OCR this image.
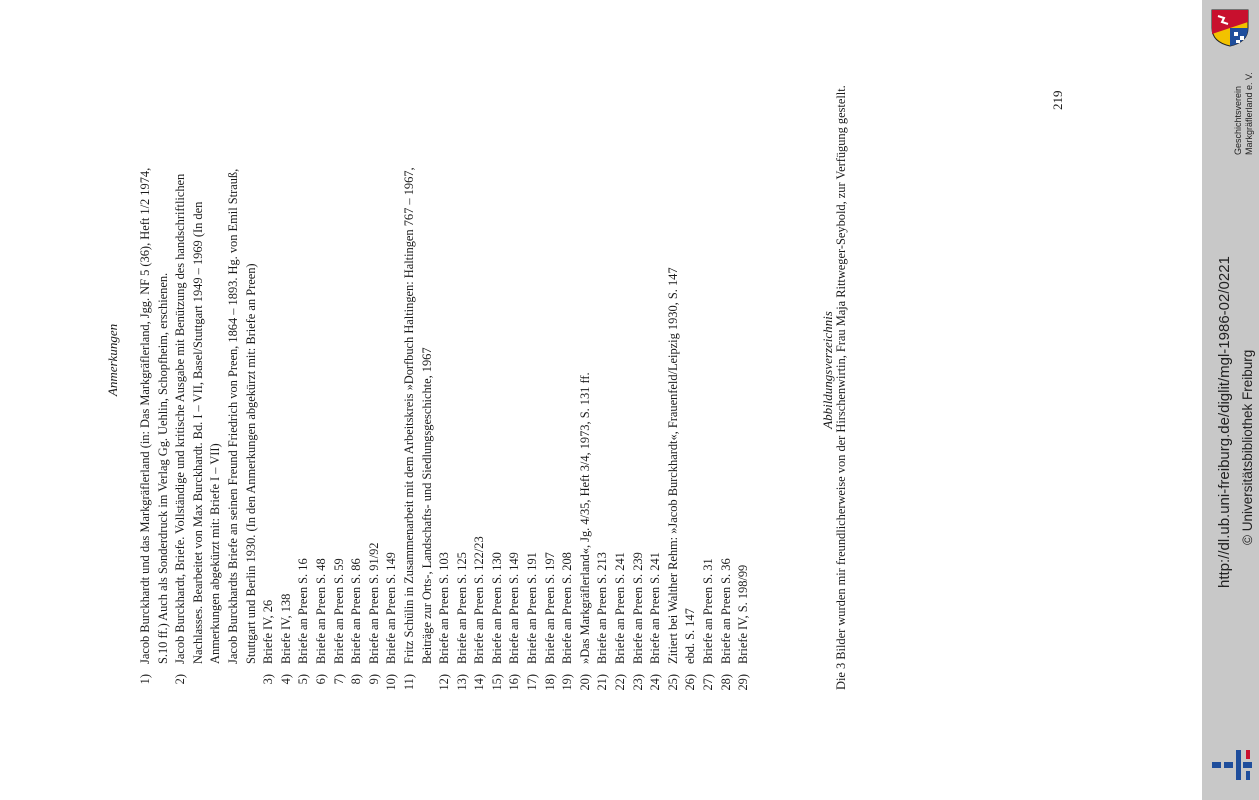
Anmerkungen
1)
Jacob Burckhardt und das Markgräflerland (in: Das Markgräflerland, Jgg. NF 5 (36), Heft 1/2 1974, S.10 ff.) Auch als Sonderdruck im Verlag Gg. Uehlin, Schopfheim, erschienen.
2)
Jacob Burckhardt, Briefe. Vollständige und kritische Ausgabe mit Benützung des handschriftlichen Nachlasses. Bearbeitet von Max Burckhardt. Bd. I – VII, Basel/Stuttgart 1949 – 1969 (In den Anmerkungen abgekürzt mit: Briefe I – VII) Jacob Burckhardts Briefe an seinen Freund Friedrich von Preen, 1864 – 1893. Hg. von Emil Strauß, Stuttgart und Berlin 1930. (In den Anmerkungen abgekürzt mit: Briefe an Preen)
3)
Briefe IV, 26
4)
Briefe IV, 138
5)
Briefe an Preen S. 16
6)
Briefe an Preen S. 48
7)
Briefe an Preen S. 59
8)
Briefe an Preen S. 86
9)
Briefe an Preen S. 91/92
10)
Briefe an Preen S. 149
11)
Fritz Schülin in Zusammenarbeit mit dem Arbeitskreis »Dorfbuch Haltingen: Haltingen 767 – 1967, Beiträge zur Orts-, Landschafts- und Siedlungsgeschichte, 1967
12)
Briefe an Preen S. 103
13)
Briefe an Preen S. 125
14)
Briefe an Preen S. 122/23
15)
Briefe an Preen S. 130
16)
Briefe an Preen S. 149
17)
Briefe an Preen S. 191
18)
Briefe an Preen S. 197
19)
Briefe an Preen S. 208
20)
»Das Markgräflerland«, Jg. 4/35, Heft 3/4, 1973, S. 131 ff.
21)
Briefe an Preen S. 213
22)
Briefe an Preen S. 241
23)
Briefe an Preen S. 239
24)
Briefe an Preen S. 241
25)
Zitiert bei Walther Rehm: »Jacob Burckhardt«, Frauenfeld/Leipzig 1930, S. 147
26)
ebd. S. 147
27)
Briefe an Preen S. 31
28)
Briefe an Preen S. 36
29)
Briefe IV, S. 198/99
Abbildungsverzeichnis Die 3 Bilder wurden mir freundlicherweise von der Hirschenwirtin, Frau Maja Rittweger-Seybold, zur Verfügung gestellt.	219	Geschichtsverein Markgräflerland e. V.
http://dl.ub.uni-freiburg.de/diglit/mgl-1986-02/0221 © Universitätsbibliothek Freiburg
